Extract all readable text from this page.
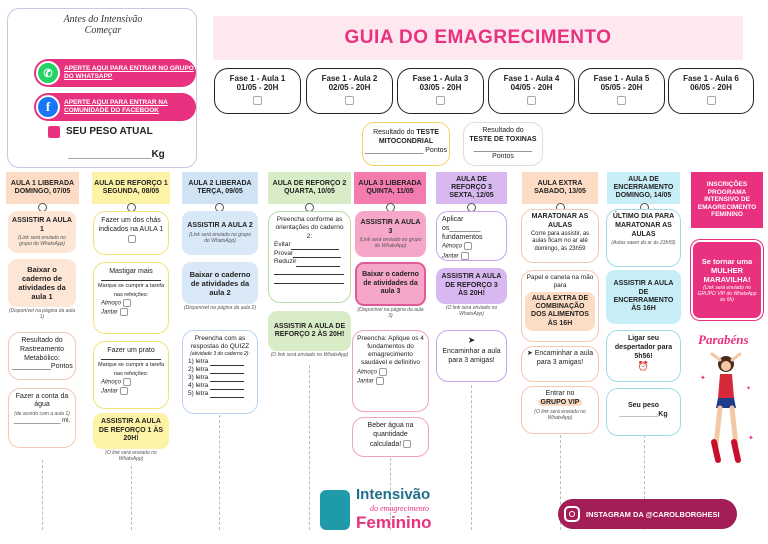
Antes do Intensivão Começar
APERTE AQUI PARA ENTRAR NO GRUPO DO WHATSAPP
✆
APERTE AQUI PARA ENTRAR NA COMUNIDADE DO FACEBOOK
f
SEU PESO ATUAL
_______________Kg
GUIA DO EMAGRECIMENTO
Fase 1 - Aula 1
01/05 - 20H
Fase 1 - Aula 2
02/05 - 20H
Fase 1 - Aula 3
03/05 - 20H
Fase 1 - Aula 4
04/05 - 20H
Fase 1 - Aula 5
05/05 - 20H
Fase 1 - Aula 6
06/05 - 20H
Resultado do TESTE MITOCONDRIAL
_______________ Pontos
Resultado do
TESTE DE TOXINAS
_______________ Pontos
AULA 1 LIBERADA DOMINGO, 07/05
AULA DE REFORÇO 1 SEGUNDA, 08/05
AULA 2 LIBERADA TERÇA, 09/05
AULA DE REFORÇO 2 QUARTA, 10/05
AULA 3 LIBERADA QUINTA, 11/05
AULA DE REFORÇO 3 SEXTA, 12/05
AULA EXTRA SABADO, 13/05
AULA DE ENCERRAMENTO DOMINGO, 14/05
INSCRIÇÕES PROGRAMA INTENSIVO DE EMAGRECIMENTO FEMININO
ASSISTIR A AULA 1
(Link será enviado no grupo do WhatsApp)
Baixar o caderno de atividades da aula 1
(Disponível na página da aula 1)
Resultado do Rastreamento Metabólico:
__________Pontos
Fazer a conta da água
(de acordo com a aula 1)
______________ ml.
Fazer um dos chás indicados na AULA 1

Mastigar mais
Marque se cumprir a tarefa nas refeições:
Almoço
Jantar
Fazer um prato
Marque se cumprir a tarefa nas refeições:
Almoço
Jantar
ASSISTIR A AULA DE REFORÇO 1 ÀS 20H!
(O link será enviado no WhatsApp)
ASSISTIR A AULA 2
(Link será enviado no grupo do WhatsApp)
Baixar o caderno de atividades da aula 2
(Disponível na página da aula 2)
Preencha com as respostas do QUIZZ
(atividade 3 do caderno 2):
1) letra
2) letra
3) letra
4) letra
5) letra
Preencha conforme as orientações do caderno 2:
Evitar
Provar
Reduzir

ASSISTIR A AULA DE REFORÇO 2 ÀS 20H!
(O link será enviado no WhatsApp)
ASSISTIR A AULA 3
(Link será enviado no grupo do WhatsApp)
Baixar o caderno de atividades da aula 3
(Disponível na página da aula 3)
Preencha: Aplique os 4 fundamentos do emagrecimento saudável e definitivo
Almoço
Jantar
Beber água na quantidade calculada!
Aplicar os________ fundamentos
Almoço
Jantar
ASSISTIR A AULA DE REFORÇO 3 ÀS 20H!
(O link será enviado no WhatsApp)
➤
Encaminhar a aula para 3 amigas!
MARATONAR AS AULAS
Corre para assistir, as aulas ficam no ar até domingo, às 23h59
Papel e caneta na mão para
AULA EXTRA DE COMBINAÇÃO DOS ALIMENTOS ÀS 16H
➤ Encaminhar a aula para 3 amigas!
Entrar no
GRUPO VIP
(O link será enviado no WhatsApp)
ÚLTIMO DIA PARA MARATONAR AS AULAS
(Aulas saem do ar às 23h59)
ASSISTIR A AULA DE ENCERRAMENTO ÀS 16H
Ligar seu despertador para 5h56!
⏰
Seu peso
__________Kg
Se tornar uma MULHER MARAVILHA!
(Link será enviado no GRUPO VIP do WhatsApp às 6h)
Parabéns
✦
✦
✦
Intensivão
do emagrecimento
Feminino	INSTAGRAM DA @CAROLBORGHESI
